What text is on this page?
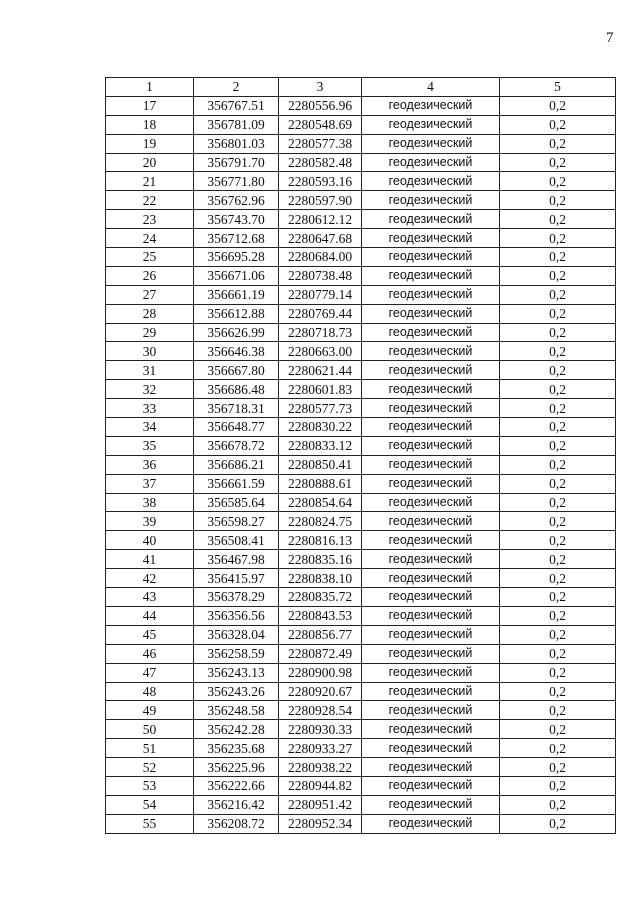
7
1	2	3	4	5
17	356767.51	2280556.96	геодезический	0,2
18	356781.09	2280548.69	геодезический	0,2
19	356801.03	2280577.38	геодезический	0,2
20	356791.70	2280582.48	геодезический	0,2
21	356771.80	2280593.16	геодезический	0,2
22	356762.96	2280597.90	геодезический	0,2
23	356743.70	2280612.12	геодезический	0,2
24	356712.68	2280647.68	геодезический	0,2
25	356695.28	2280684.00	геодезический	0,2
26	356671.06	2280738.48	геодезический	0,2
27	356661.19	2280779.14	геодезический	0,2
28	356612.88	2280769.44	геодезический	0,2
29	356626.99	2280718.73	геодезический	0,2
30	356646.38	2280663.00	геодезический	0,2
31	356667.80	2280621.44	геодезический	0,2
32	356686.48	2280601.83	геодезический	0,2
33	356718.31	2280577.73	геодезический	0,2
34	356648.77	2280830.22	геодезический	0,2
35	356678.72	2280833.12	геодезический	0,2
36	356686.21	2280850.41	геодезический	0,2
37	356661.59	2280888.61	геодезический	0,2
38	356585.64	2280854.64	геодезический	0,2
39	356598.27	2280824.75	геодезический	0,2
40	356508.41	2280816.13	геодезический	0,2
41	356467.98	2280835.16	геодезический	0,2
42	356415.97	2280838.10	геодезический	0,2
43	356378.29	2280835.72	геодезический	0,2
44	356356.56	2280843.53	геодезический	0,2
45	356328.04	2280856.77	геодезический	0,2
46	356258.59	2280872.49	геодезический	0,2
47	356243.13	2280900.98	геодезический	0,2
48	356243.26	2280920.67	геодезический	0,2
49	356248.58	2280928.54	геодезический	0,2
50	356242.28	2280930.33	геодезический	0,2
51	356235.68	2280933.27	геодезический	0,2
52	356225.96	2280938.22	геодезический	0,2
53	356222.66	2280944.82	геодезический	0,2
54	356216.42	2280951.42	геодезический	0,2
55	356208.72	2280952.34	геодезический	0,2
